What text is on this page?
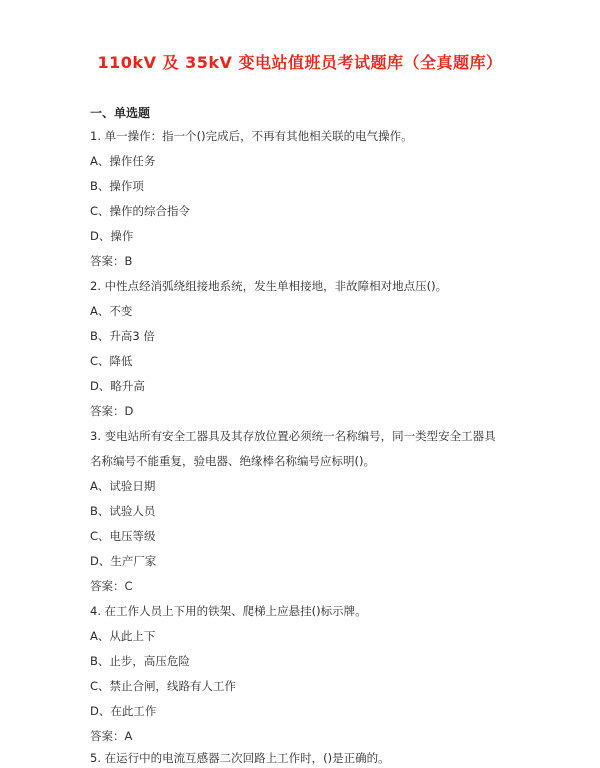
110kV 及 35kV 变电站值班员考试题库（全真题库）
一、单选题
1. 单一操作：指一个()完成后，不再有其他相关联的电气操作。
A、操作任务
B、操作项
C、操作的综合指令
D、操作
答案：B
2. 中性点经消弧绕组接地系统，发生单相接地，非故障相对地点压()。
A、不变
B、升高3 倍
C、降低
D、略升高
答案：D
3. 变电站所有安全工器具及其存放位置必须统一名称编号，同一类型安全工器具
名称编号不能重复，验电器、绝缘棒名称编号应标明()。
A、试验日期
B、试验人员
C、电压等级
D、生产厂家
答案：C
4. 在工作人员上下用的铁架、爬梯上应悬挂()标示牌。
A、从此上下
B、止步，高压危险
C、禁止合闸，线路有人工作
D、在此工作
答案：A
5. 在运行中的电流互感器二次回路上工作时，()是正确的。
